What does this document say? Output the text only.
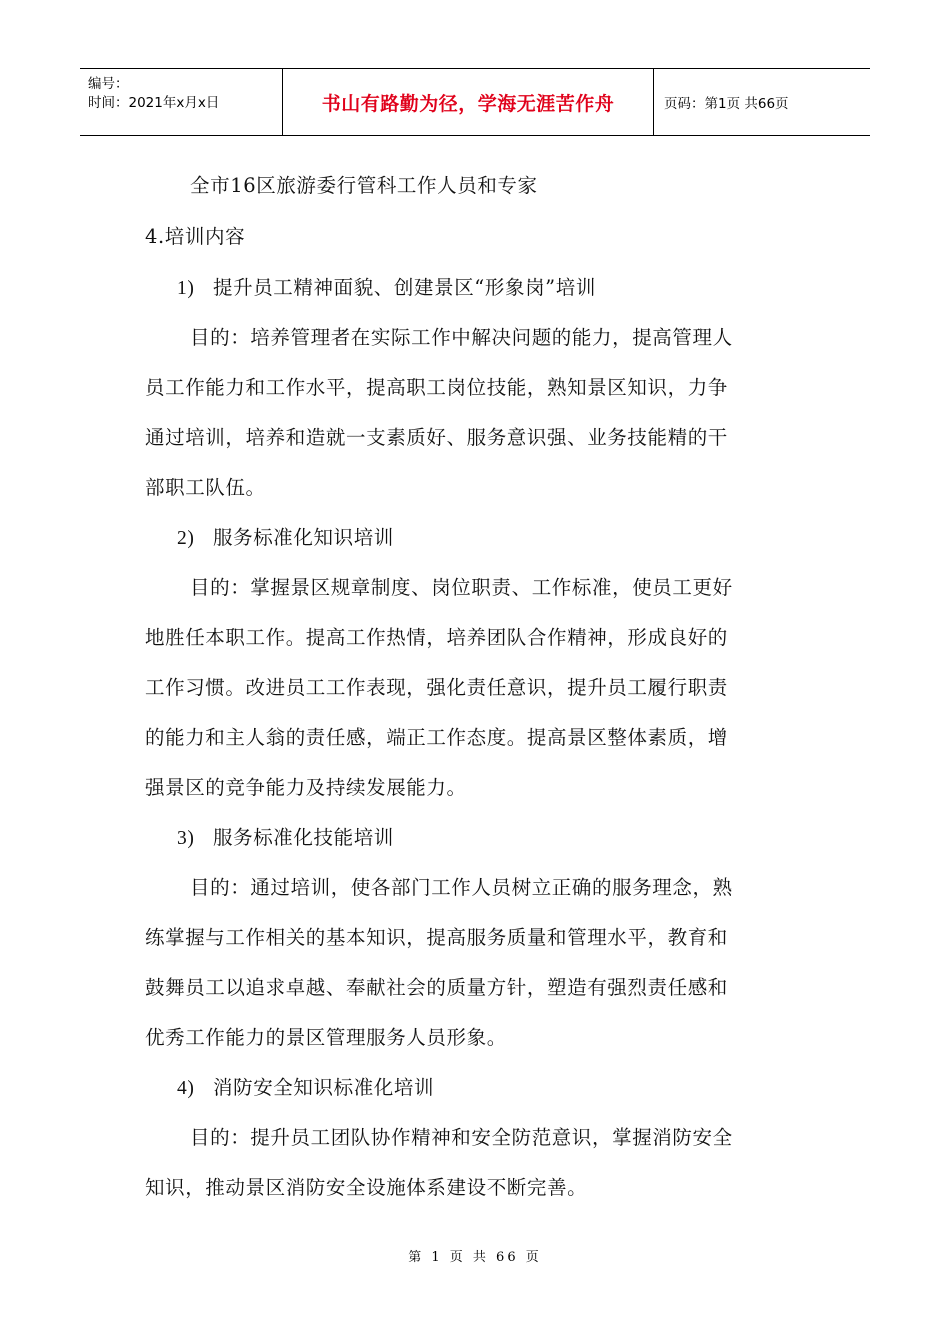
编号：
时间：2021年x月x日	书山有路勤为径，学海无涯苦作舟	页码：第1页 共66页
全市16区旅游委行管科工作人员和专家
4.培训内容
1) 提升员工精神面貌、创建景区“形象岗”培训
目的：培养管理者在实际工作中解决问题的能力，提高管理人
员工作能力和工作水平，提高职工岗位技能，熟知景区知识，力争
通过培训，培养和造就一支素质好、服务意识强、业务技能精的干
部职工队伍。
2) 服务标准化知识培训
目的：掌握景区规章制度、岗位职责、工作标准，使员工更好
地胜任本职工作。提高工作热情，培养团队合作精神，形成良好的
工作习惯。改进员工工作表现，强化责任意识，提升员工履行职责
的能力和主人翁的责任感，端正工作态度。提高景区整体素质，增
强景区的竞争能力及持续发展能力。
3) 服务标准化技能培训
目的：通过培训，使各部门工作人员树立正确的服务理念，熟
练掌握与工作相关的基本知识，提高服务质量和管理水平，教育和
鼓舞员工以追求卓越、奉献社会的质量方针，塑造有强烈责任感和
优秀工作能力的景区管理服务人员形象。
4) 消防安全知识标准化培训
目的：提升员工团队协作精神和安全防范意识，掌握消防安全
知识，推动景区消防安全设施体系建设不断完善。
第 1 页 共 66 页
